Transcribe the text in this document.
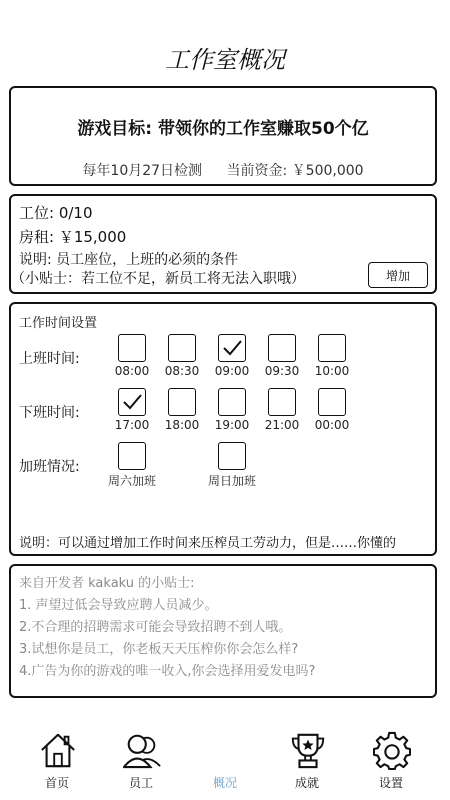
工作室概况
游戏目标: 带领你的工作室赚取50个亿
每年10月27日检测 当前资金: ￥500,000
工位: 0/10
房租: ￥15,000
说明: 员工座位，上班的必须的条件
（小贴士：若工位不足，新员工将无法入职哦）	增加
工作时间设置
上班时间:
08:00	08:30	09:00	09:30	10:00
下班时间:
17:00	18:00	19:00	21:00	00:00
加班情况:
周六加班	周日加班
说明：可以通过增加工作时间来压榨员工劳动力，但是……你懂的
来自开发者 kakaku 的小贴士:
1. 声望过低会导致应聘人员减少。
2.不合理的招聘需求可能会导致招聘不到人哦。
3.试想你是员工，你老板天天压榨你你会怎么样?
4.广告为你的游戏的唯一收入,你会选择用爱发电吗?
首页	员工	概况	成就	设置
